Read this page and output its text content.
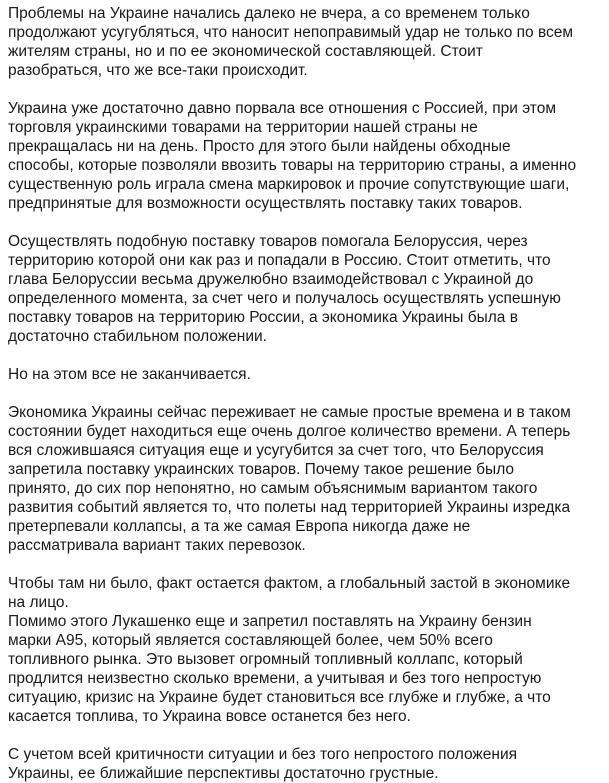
Проблемы на Украине начались далеко не вчера, а со временем только
продолжают усугубляться, что наносит непоправимый удар не только по всем
жителям страны, но и по ее экономической составляющей. Стоит
разобраться, что же все-таки происходит.

Украина уже достаточно давно порвала все отношения с Россией, при этом
торговля украинскими товарами на территории нашей страны не
прекращалась ни на день. Просто для этого были найдены обходные
способы, которые позволяли ввозить товары на территорию страны, а именно
существенную роль играла смена маркировок и прочие сопутствующие шаги,
предпринятые для возможности осуществлять поставку таких товаров.

Осуществлять подобную поставку товаров помогала Белоруссия, через
территорию которой они как раз и попадали в Россию. Стоит отметить, что
глава Белоруссии весьма дружелюбно взаимодействовал с Украиной до
определенного момента, за счет чего и получалось осуществлять успешную
поставку товаров на территорию России, а экономика Украины была в
достаточно стабильном положении.

Но на этом все не заканчивается.

Экономика Украины сейчас переживает не самые простые времена и в таком
состоянии будет находиться еще очень долгое количество времени. А теперь
вся сложившаяся ситуация еще и усугубится за счет того, что Белоруссия
запретила поставку украинских товаров. Почему такое решение было
принято, до сих пор непонятно, но самым объяснимым вариантом такого
развития событий является то, что полеты над территорией Украины изредка
претерпевали коллапсы, а та же самая Европа никогда даже не
рассматривала вариант таких перевозок.

Чтобы там ни было, факт остается фактом, а глобальный застой в экономике
на лицо.
Помимо этого Лукашенко еще и запретил поставлять на Украину бензин
марки А95, который является составляющей более, чем 50% всего
топливного рынка. Это вызовет огромный топливный коллапс, который
продлится неизвестно сколько времени, а учитывая и без того непростую
ситуацию, кризис на Украине будет становиться все глубже и глубже, а что
касается топлива, то Украина вовсе останется без него.

С учетом всей критичности ситуации и без того непростого положения
Украины, ее ближайшие перспективы достаточно грустные.
